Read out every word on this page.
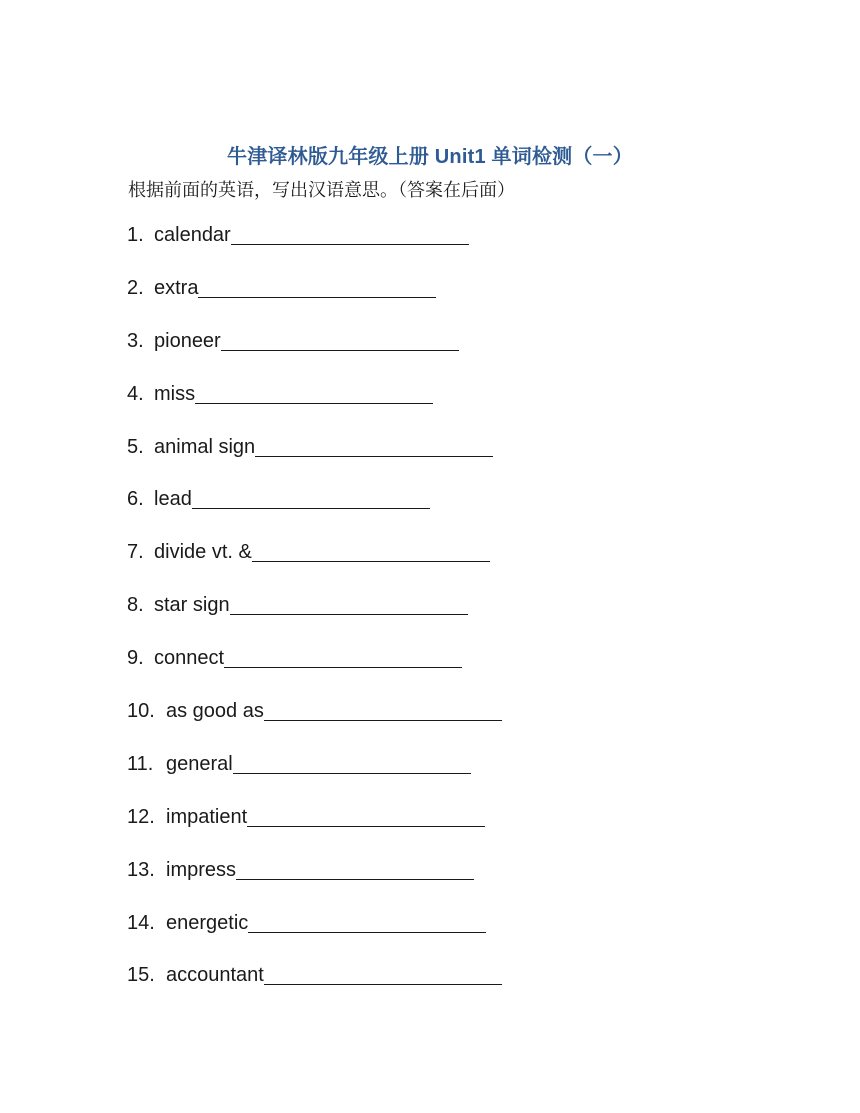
牛津译林版九年级上册 Unit1 单词检测（一）
根据前面的英语，写出汉语意思。（答案在后面）
1. calendar
2. extra
3. pioneer
4. miss
5. animal sign
6. lead
7. divide vt. &
8. star sign
9. connect
10. as good as
11. general
12. impatient
13. impress
14. energetic
15. accountant
